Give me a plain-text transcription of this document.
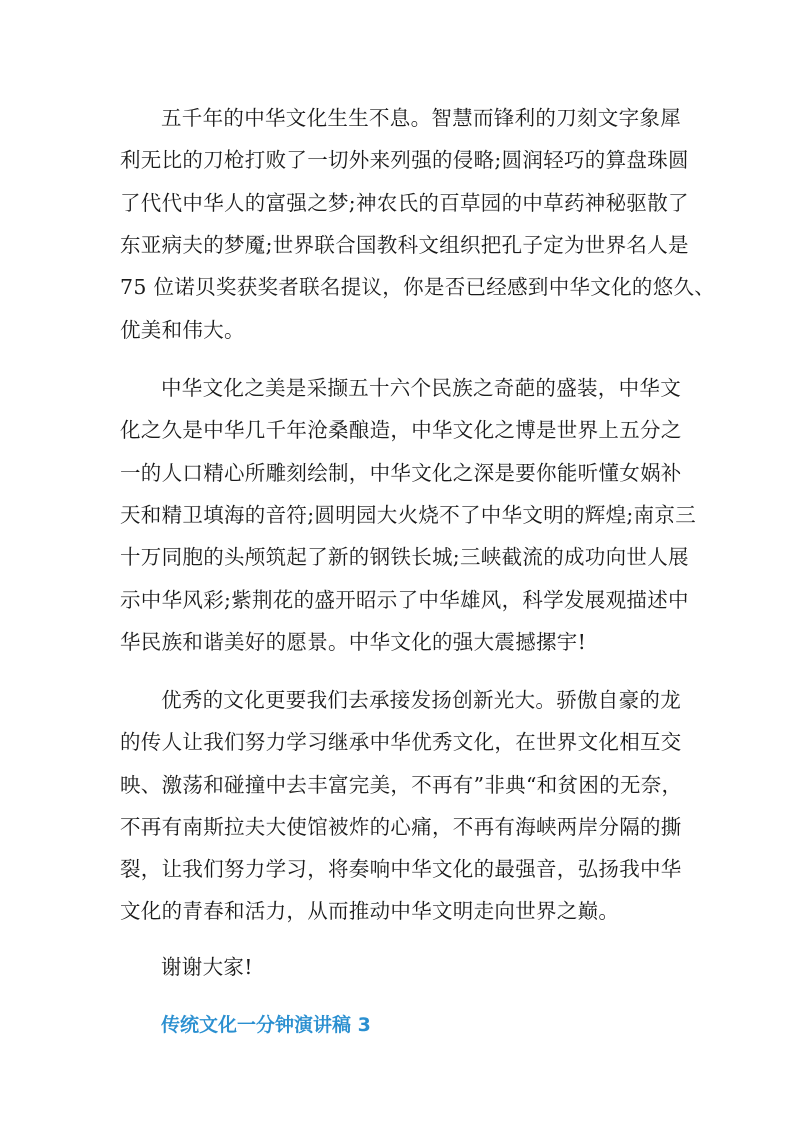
五千年的中华文化生生不息。智慧而锋利的刀刻文字象犀
利无比的刀枪打败了一切外来列强的侵略;圆润轻巧的算盘珠圆
了代代中华人的富强之梦;神农氏的百草园的中草药神秘驱散了
东亚病夫的梦魇;世界联合国教科文组织把孔子定为世界名人是
75 位诺贝奖获奖者联名提议，你是否已经感到中华文化的悠久、
优美和伟大。
中华文化之美是采撷五十六个民族之奇葩的盛装，中华文
化之久是中华几千年沧桑酿造，中华文化之博是世界上五分之
一的人口精心所雕刻绘制，中华文化之深是要你能听懂女娲补
天和精卫填海的音符;圆明园大火烧不了中华文明的辉煌;南京三
十万同胞的头颅筑起了新的钢铁长城;三峡截流的成功向世人展
示中华风彩;紫荆花的盛开昭示了中华雄风，科学发展观描述中
华民族和谐美好的愿景。中华文化的强大震撼摞宇!
优秀的文化更要我们去承接发扬创新光大。骄傲自豪的龙
的传人让我们努力学习继承中华优秀文化，在世界文化相互交
映、激荡和碰撞中去丰富完美，不再有”非典“和贫困的无奈，
不再有南斯拉夫大使馆被炸的心痛，不再有海峡两岸分隔的撕
裂，让我们努力学习，将奏响中华文化的最强音，弘扬我中华
文化的青春和活力，从而推动中华文明走向世界之巅。
谢谢大家!
传统文化一分钟演讲稿 3
